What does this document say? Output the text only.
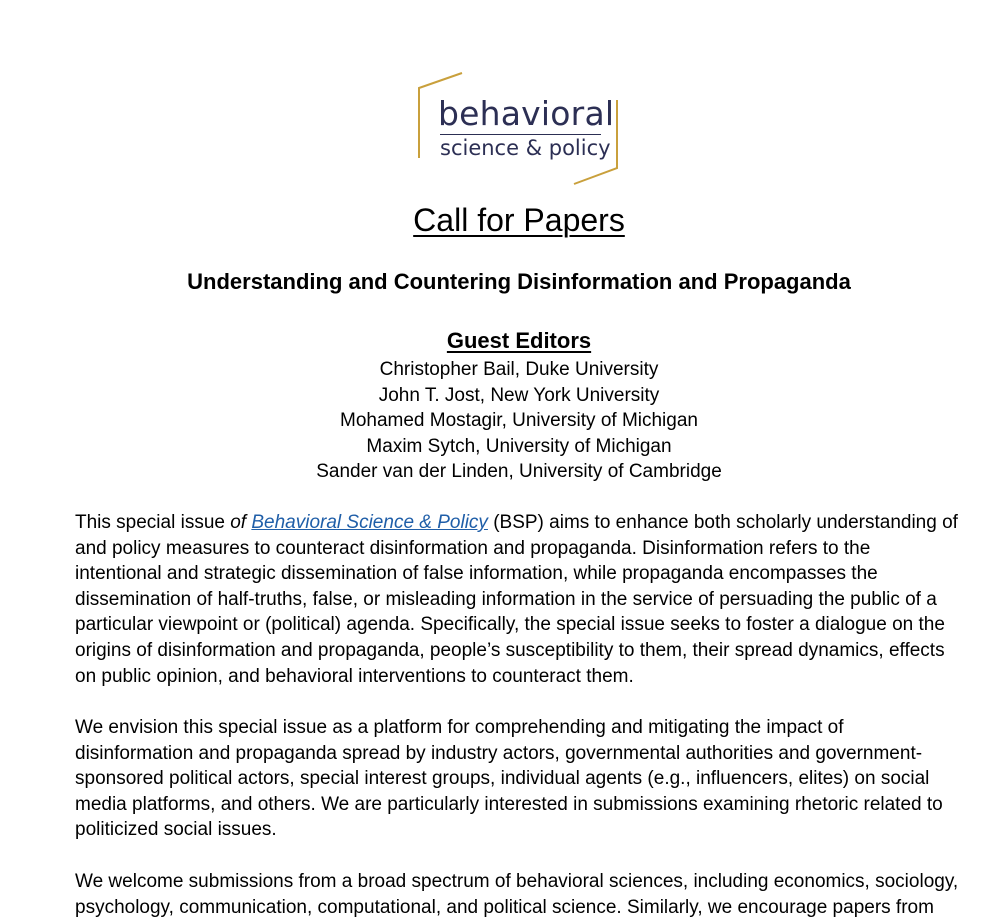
behavioral
science & policy
Call for Papers
Understanding and Countering Disinformation and Propaganda
Guest Editors
Christopher Bail, Duke University
John T. Jost, New York University
Mohamed Mostagir, University of Michigan
Maxim Sytch, University of Michigan
Sander van der Linden, University of Cambridge
This special issue of Behavioral Science & Policy (BSP) aims to enhance both scholarly understanding of
and policy measures to counteract disinformation and propaganda. Disinformation refers to the
intentional and strategic dissemination of false information, while propaganda encompasses the
dissemination of half-truths, false, or misleading information in the service of persuading the public of a
particular viewpoint or (political) agenda. Specifically, the special issue seeks to foster a dialogue on the
origins of disinformation and propaganda, people’s susceptibility to them, their spread dynamics, effects
on public opinion, and behavioral interventions to counteract them.
We envision this special issue as a platform for comprehending and mitigating the impact of
disinformation and propaganda spread by industry actors, governmental authorities and government-
sponsored political actors, special interest groups, individual agents (e.g., influencers, elites) on social
media platforms, and others. We are particularly interested in submissions examining rhetoric related to
politicized social issues.
We welcome submissions from a broad spectrum of behavioral sciences, including economics, sociology,
psychology, communication, computational, and political science. Similarly, we encourage papers from
